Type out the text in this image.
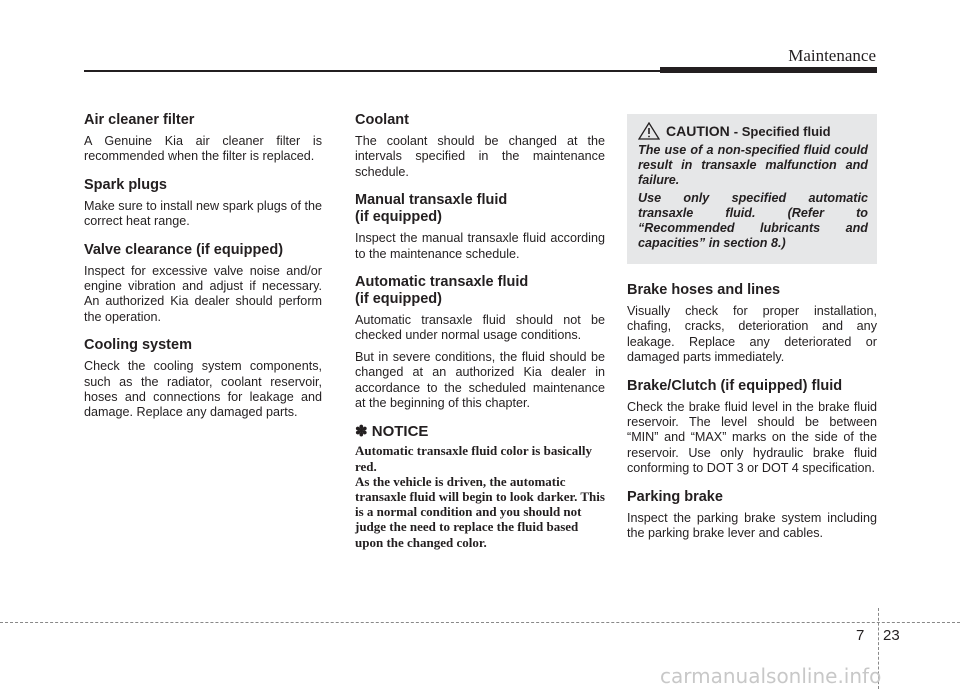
Maintenance
Air cleaner filter

A Genuine Kia air cleaner filter is recommended when the filter is replaced.

Spark plugs

Make sure to install new spark plugs of the correct heat range.

Valve clearance (if equipped)

Inspect for excessive valve noise and/or engine vibration and adjust if necessary. An authorized Kia dealer should perform the operation.

Cooling system

Check the cooling system components, such as the radiator, coolant reservoir, hoses and connections for leakage and damage. Replace any damaged parts.

Coolant

The coolant should be changed at the intervals specified in the maintenance schedule.

Manual transaxle fluid
(if equipped)

Inspect the manual transaxle fluid according to the maintenance schedule.

Automatic transaxle fluid
(if equipped)

Automatic transaxle fluid should not be checked under normal usage conditions.

But in severe conditions, the fluid should be changed at an authorized Kia dealer in accordance to the scheduled maintenance at the beginning of this chapter.

✽ NOTICE
Automatic transaxle fluid color is basically red.
As the vehicle is driven, the automatic transaxle fluid will begin to look darker. This is a normal condition and you should not judge the need to replace the fluid based upon the changed color.
CAUTION - Specified fluid

The use of a non-specified fluid could result in transaxle malfunction and failure.

Use only specified automatic transaxle fluid. (Refer to “Recommended lubricants and capacities” in section 8.)

Brake hoses and lines

Visually check for proper installation, chafing, cracks, deterioration and any leakage. Replace any deteriorated or damaged parts immediately.

Brake/Clutch (if equipped) fluid

Check the brake fluid level in the brake fluid reservoir. The level should be between “MIN” and “MAX” marks on the side of the reservoir. Use only hydraulic brake fluid conforming to DOT 3 or DOT 4 specification.

Parking brake

Inspect the parking brake system including the parking brake lever and cables.

7 23
carmanualsonline.info
